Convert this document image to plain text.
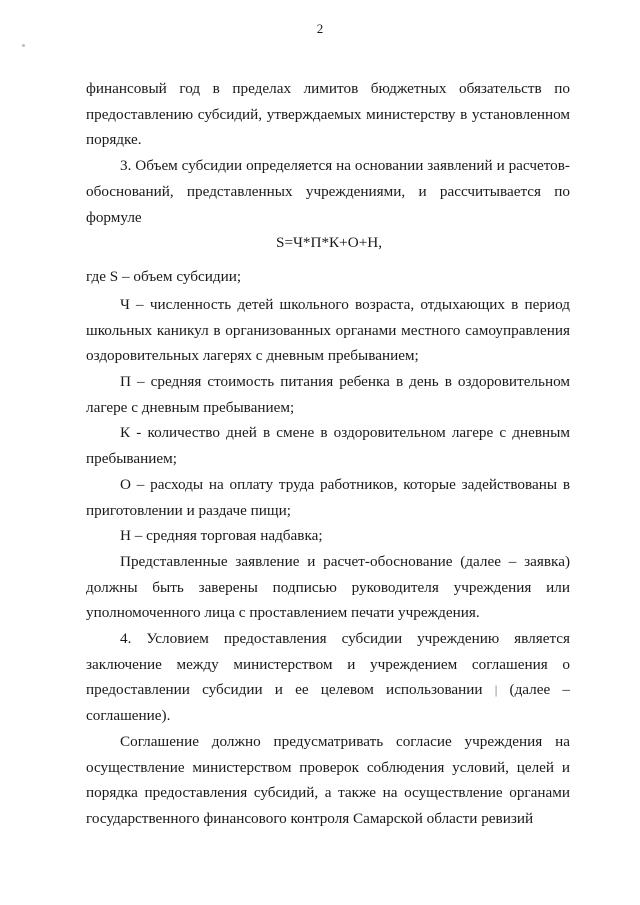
2

финансовый год в пределах лимитов бюджетных обязательств по предоставлению субсидий, утверждаемых министерству в установленном порядке.

3. Объем субсидии определяется на основании заявлений и расчетов-обоснований, представленных учреждениями, и рассчитывается по формуле

S=Ч*П*К+О+Н,

где S – объем субсидии;

Ч – численность детей школьного возраста, отдыхающих в период школьных каникул в организованных органами местного самоуправления оздоровительных лагерях с дневным пребыванием;

П – средняя стоимость питания ребенка в день в оздоровительном лагере с дневным пребыванием;

К - количество дней в смене в оздоровительном лагере с дневным пребыванием;

О – расходы на оплату труда работников, которые задействованы в приготовлении и раздаче пищи;

Н – средняя торговая надбавка;

Представленные заявление и расчет-обоснование (далее – заявка) должны быть заверены подписью руководителя учреждения или уполномоченного лица с проставлением печати учреждения.

4. Условием предоставления субсидии учреждению является заключение между министерством и учреждением соглашения о предоставлении субсидии и ее целевом использовании | (далее – соглашение).

Соглашение должно предусматривать согласие учреждения на осуществление министерством проверок соблюдения условий, целей и порядка предоставления субсидий, а также на осуществление органами государственного финансового контроля Самарской области ревизий
